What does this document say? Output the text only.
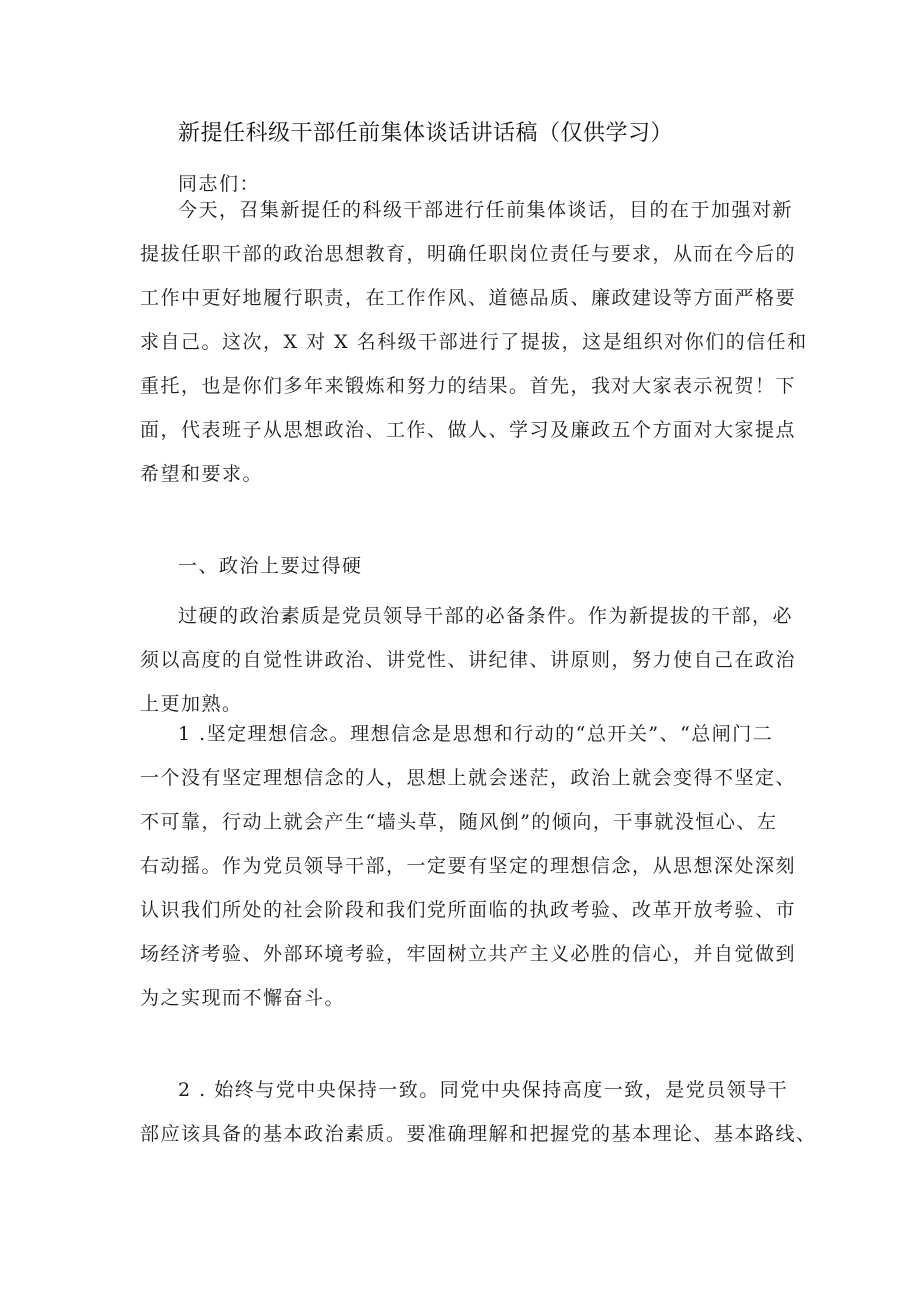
新提任科级干部任前集体谈话讲话稿（仅供学习）
同志们：
今天，召集新提任的科级干部进行任前集体谈话，目的在于加强对新
提拔任职干部的政治思想教育，明确任职岗位责任与要求，从而在今后的
工作中更好地履行职责，在工作作风、道德品质、廉政建设等方面严格要
求自己。这次，X 对 X 名科级干部进行了提拔，这是组织对你们的信任和
重托，也是你们多年来锻炼和努力的结果。首先，我对大家表示祝贺！下
面，代表班子从思想政治、工作、做人、学习及廉政五个方面对大家提点
希望和要求。
一、政治上要过得硬
过硬的政治素质是党员领导干部的必备条件。作为新提拔的干部，必
须以高度的自觉性讲政治、讲党性、讲纪律、讲原则，努力使自己在政治
上更加熟。
1 .坚定理想信念。理想信念是思想和行动的“总开关”、“总闸门二
一个没有坚定理想信念的人，思想上就会迷茫，政治上就会变得不坚定、
不可靠，行动上就会产生“墙头草，随风倒”的倾向，干事就没恒心、左
右动摇。作为党员领导干部，一定要有坚定的理想信念，从思想深处深刻
认识我们所处的社会阶段和我们党所面临的执政考验、改革开放考验、市
场经济考验、外部环境考验，牢固树立共产主义必胜的信心，并自觉做到
为之实现而不懈奋斗。
2 . 始终与党中央保持一致。同党中央保持高度一致，是党员领导干
部应该具备的基本政治素质。要准确理解和把握党的基本理论、基本路线、
